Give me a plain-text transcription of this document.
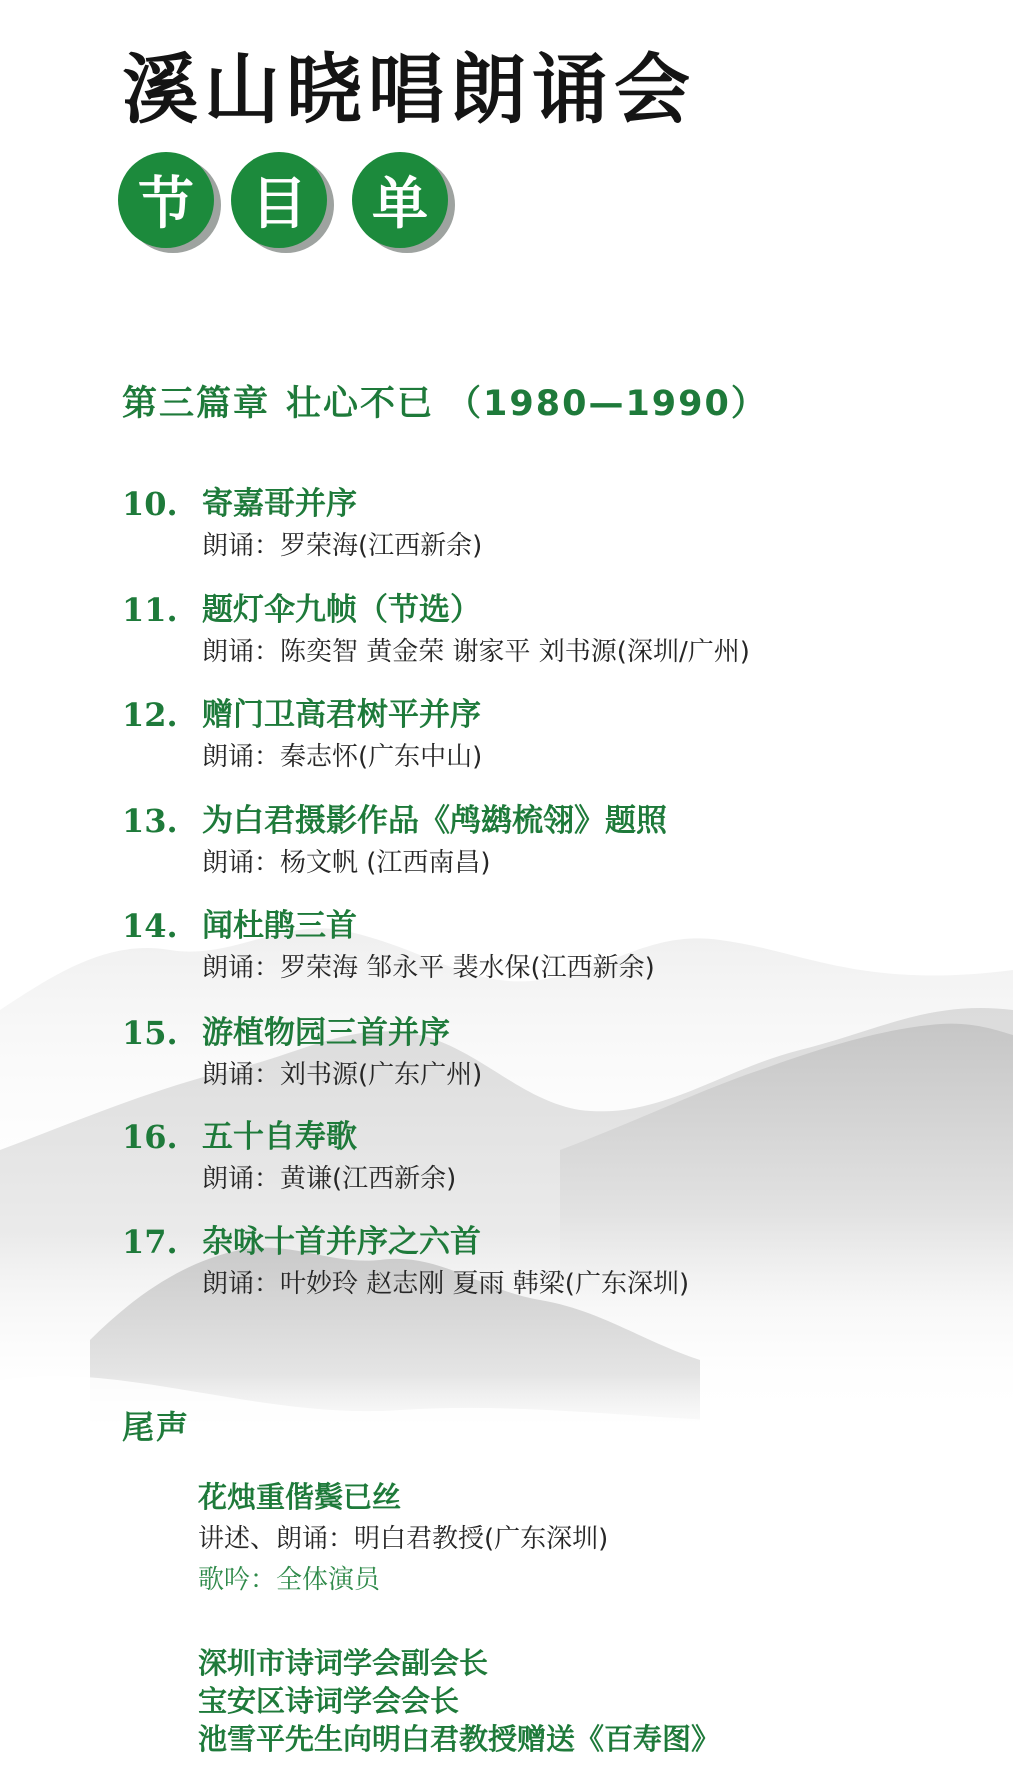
溪山晓唱朗诵会
节	目	单
第三篇章 壮心不已 （1980—1990）
10. 寄嘉哥并序
朗诵：罗荣海(江西新余)
11. 题灯伞九帧（节选）
朗诵：陈奕智 黄金荣 谢家平 刘书源(深圳/广州)
12. 赠门卫高君树平并序
朗诵：秦志怀(广东中山)
13. 为白君摄影作品《鸬鹚梳翎》题照
朗诵：杨文帆 (江西南昌)
14. 闻杜鹃三首
朗诵：罗荣海 邹永平 裴水保(江西新余)
15. 游植物园三首并序
朗诵：刘书源(广东广州)
16. 五十自寿歌
朗诵：黄谦(江西新余)
17. 杂咏十首并序之六首
朗诵：叶妙玲 赵志刚 夏雨 韩梁(广东深圳)
尾声
花烛重偕鬓已丝
讲述、朗诵：明白君教授(广东深圳)
歌吟：全体演员
深圳市诗词学会副会长
宝安区诗词学会会长
池雪平先生向明白君教授赠送《百寿图》
